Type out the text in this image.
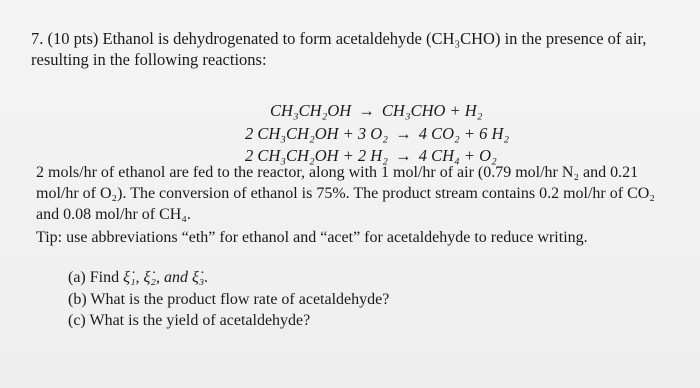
7. (10 pts) Ethanol is dehydrogenated to form acetaldehyde (CH₃CHO) in the presence of air,
resulting in the following reactions:
CH₃CH₂OH → CH₃CHO + H₂
2 CH₃CH₂OH + 3 O₂ → 4 CO₂ + 6 H₂
2 CH₃CH₂OH + 2 H₂ → 4 CH₄ + O₂
2 mols/hr of ethanol are fed to the reactor, along with 1 mol/hr of air (0.79 mol/hr N₂ and 0.21
mol/hr of O₂). The conversion of ethanol is 75%. The product stream contains 0.2 mol/hr of CO₂
and 0.08 mol/hr of CH₄.
Tip: use abbreviations “eth” for ethanol and “acet” for acetaldehyde to reduce writing.
(a) Find ξ̇₁, ξ̇₂, and ξ̇₃.
(b) What is the product flow rate of acetaldehyde?
(c) What is the yield of acetaldehyde?
